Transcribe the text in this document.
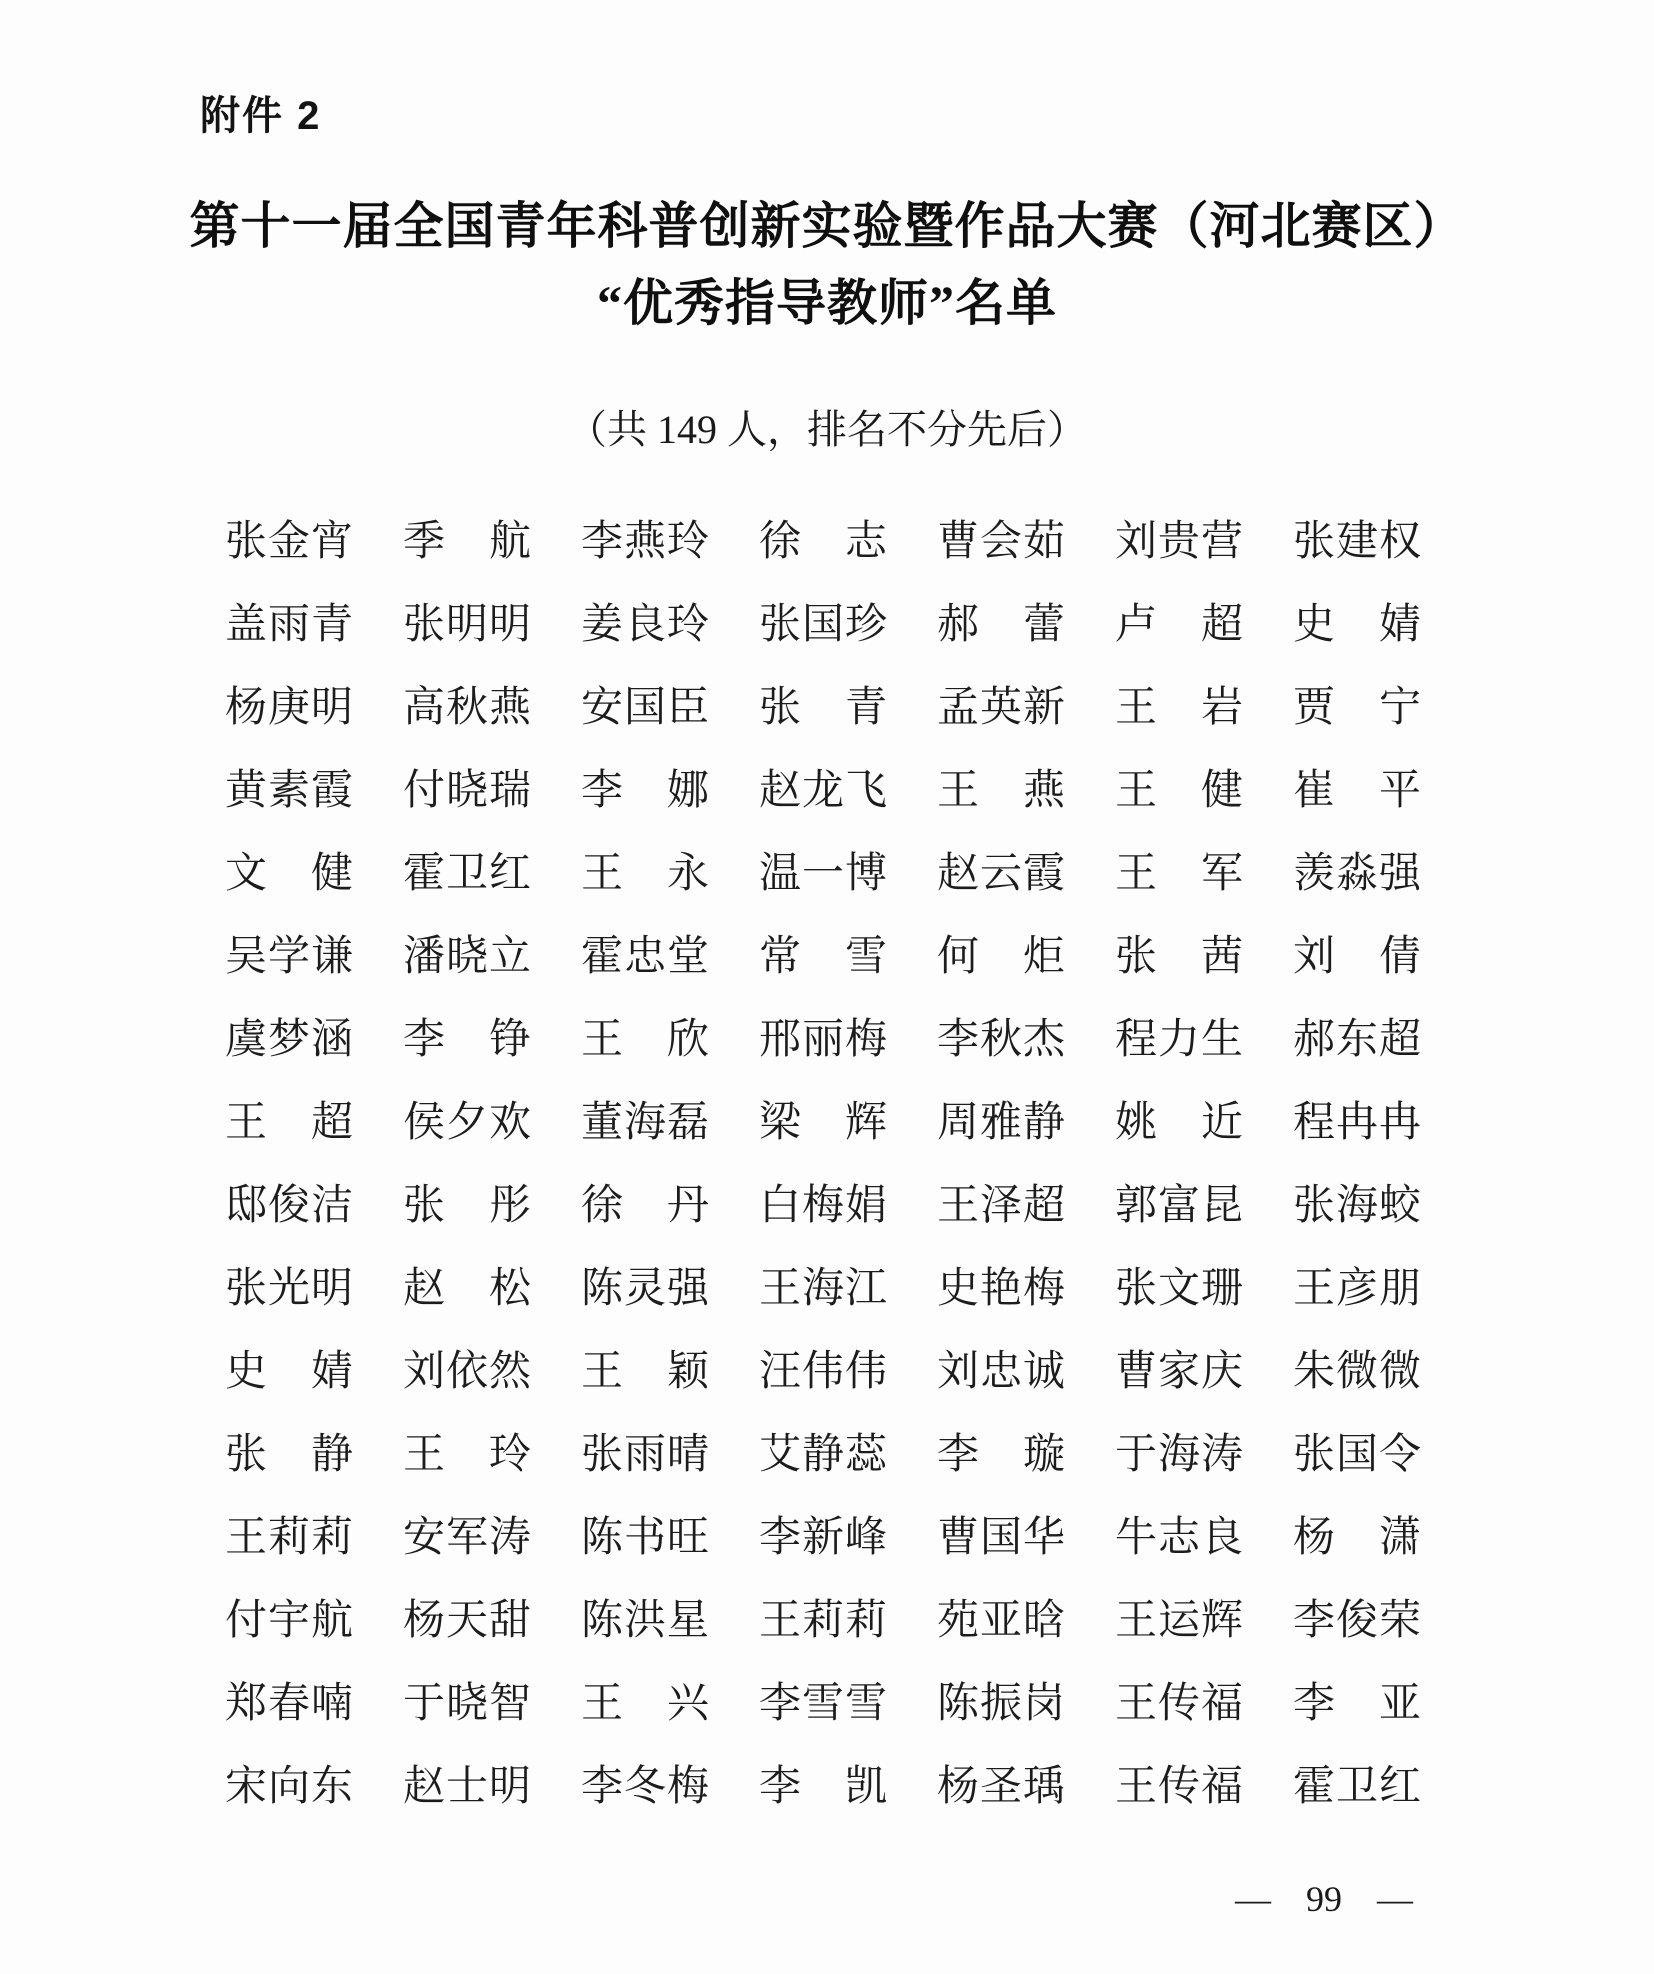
附件 2
第十一届全国青年科普创新实验暨作品大赛（河北赛区）
“优秀指导教师”名单
（共 149 人，排名不分先后）
张 金 宵 季 航 李 燕 玲 徐 志 曹 会 茹 刘 贵 营 张 建 权
盖 雨 青 张 明 明 姜 良 玲 张 国 珍 郝 蕾 卢 超 史 婧
杨 庚 明 高 秋 燕 安 国 臣 张 青 孟 英 新 王 岩 贾 宁
黄 素 霞 付 晓 瑞 李 娜 赵 龙 飞 王 燕 王 健 崔 平
文 健 霍 卫 红 王 永 温 一 博 赵 云 霞 王 军 羡 淼 强
吴 学 谦 潘 晓 立 霍 忠 堂 常 雪 何 炬 张 茜 刘 倩
虞 梦 涵 李 铮 王 欣 邢 丽 梅 李 秋 杰 程 力 生 郝 东 超
王 超 侯 夕 欢 董 海 磊 梁 辉 周 雅 静 姚 近 程 冉 冉
邸 俊 洁 张 彤 徐 丹 白 梅 娟 王 泽 超 郭 富 昆 张 海 蛟
张 光 明 赵 松 陈 灵 强 王 海 江 史 艳 梅 张 文 珊 王 彦 朋
史 婧 刘 依 然 王 颖 汪 伟 伟 刘 忠 诚 曹 家 庆 朱 微 微
张 静 王 玲 张 雨 晴 艾 静 蕊 李 璇 于 海 涛 张 国 令
王 莉 莉 安 军 涛 陈 书 旺 李 新 峰 曹 国 华 牛 志 良 杨 潇
付 宇 航 杨 天 甜 陈 洪 星 王 莉 莉 苑 亚 晗 王 运 辉 李 俊 荣
郑 春 喃 于 晓 智 王 兴 李 雪 雪 陈 振 岗 王 传 福 李 亚
宋 向 东 赵 士 明 李 冬 梅 李 凯 杨 圣 瑀 王 传 福 霍 卫 红
— 99 —
